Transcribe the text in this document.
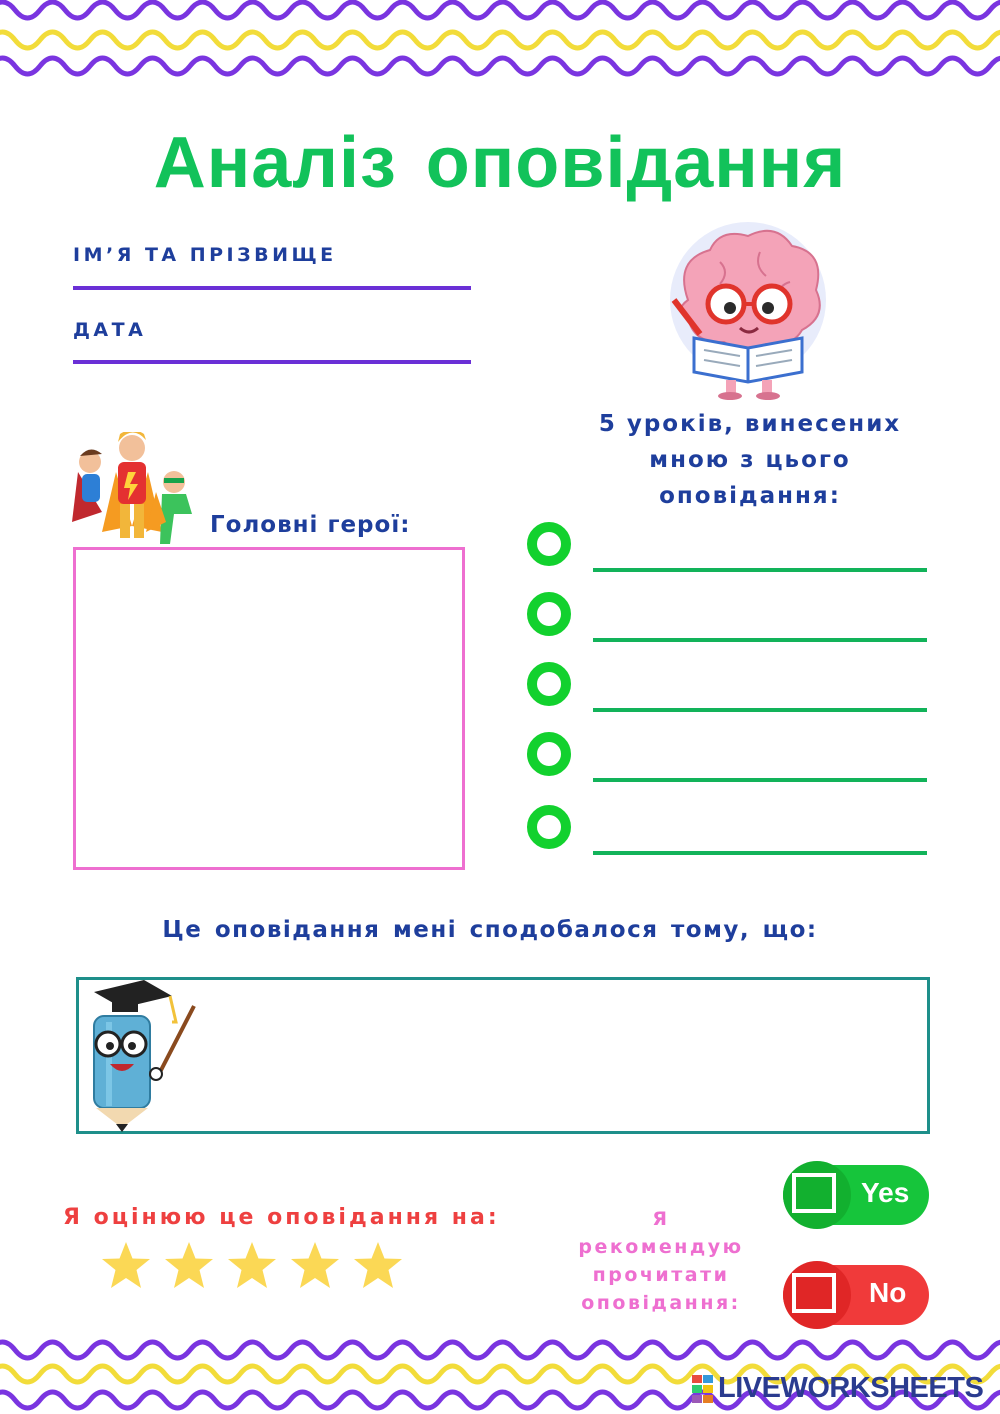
Аналіз оповідання
ІМ’Я ТА ПРІЗВИЩЕ
ДАТА
5 уроків, винесених мною з цього оповідання:
Головні герої:
Це оповідання мені сподобалося тому, що:
Я оцінюю це оповідання на:	Я рекомендую прочитати оповідання:
Yes
No
LIVEWORKSHEETS
